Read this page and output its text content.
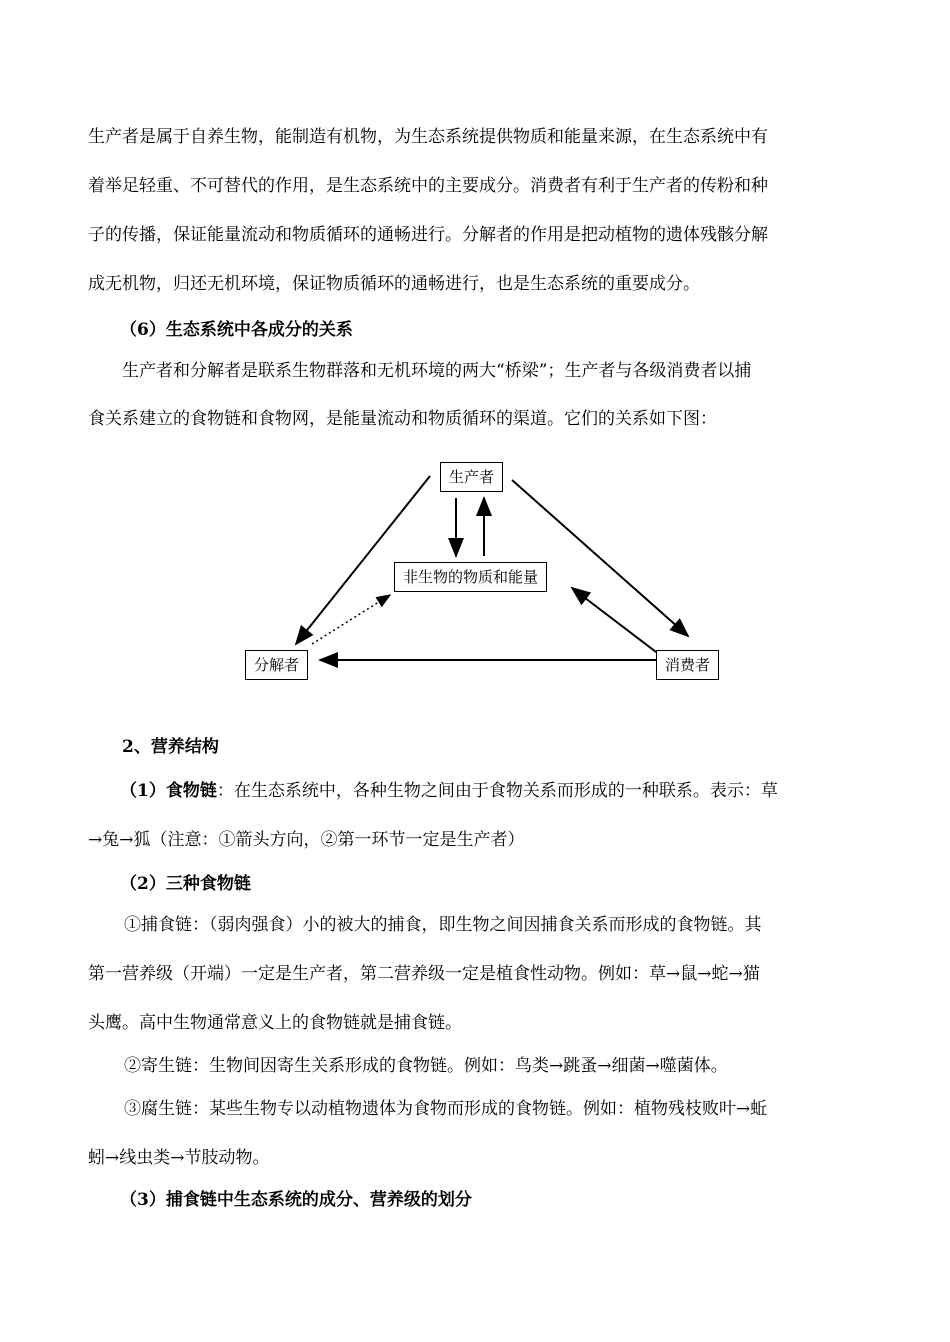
生产者是属于自养生物，能制造有机物，为生态系统提供物质和能量来源，在生态系统中有
着举足轻重、不可替代的作用，是生态系统中的主要成分。消费者有利于生产者的传粉和种
子的传播，保证能量流动和物质循环的通畅进行。分解者的作用是把动植物的遗体残骸分解
成无机物，归还无机环境，保证物质循环的通畅进行，也是生态系统的重要成分。
（6）生态系统中各成分的关系
生产者和分解者是联系生物群落和无机环境的两大“桥梁”；生产者与各级消费者以捕
食关系建立的食物链和食物网，是能量流动和物质循环的渠道。它们的关系如下图：
生产者
非生物的物质和能量
分解者	消费者
2、营养结构
（1）食物链：在生态系统中，各种生物之间由于食物关系而形成的一种联系。表示：草
→兔→狐（注意：①箭头方向，②第一环节一定是生产者）
（2）三种食物链
①捕食链：（弱肉强食）小的被大的捕食，即生物之间因捕食关系而形成的食物链。其
第一营养级（开端）一定是生产者，第二营养级一定是植食性动物。例如：草→鼠→蛇→猫
头鹰。高中生物通常意义上的食物链就是捕食链。
②寄生链：生物间因寄生关系形成的食物链。例如：鸟类→跳蚤→细菌→噬菌体。
③腐生链：某些生物专以动植物遗体为食物而形成的食物链。例如：植物残枝败叶→蚯
蚓→线虫类→节肢动物。
（3）捕食链中生态系统的成分、营养级的划分
